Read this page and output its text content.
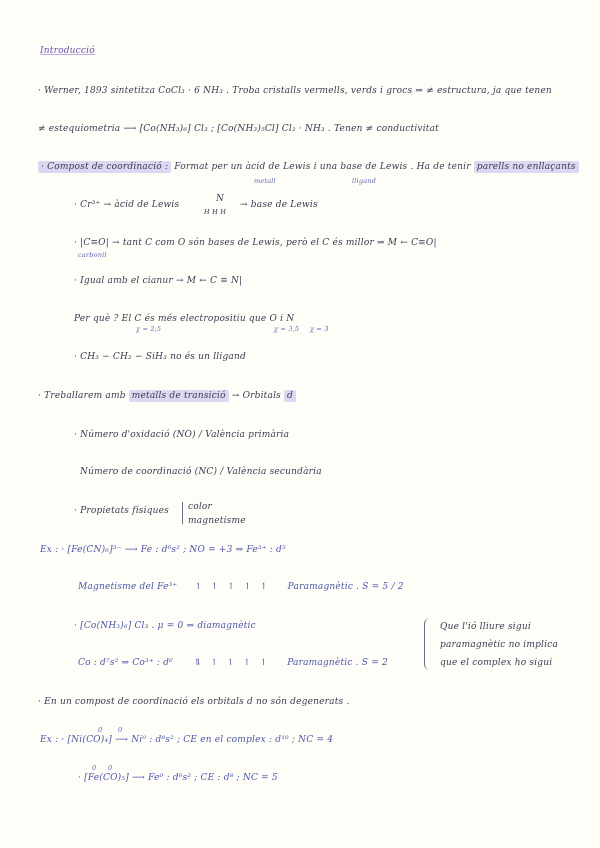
Introducció
· Werner, 1893 sintetitza CoCl₃ · 6 NH₃ . Troba cristalls vermells, verds i grocs ⇒ ≠ estructura, ja que tenen
≠ estequiometria ⟶ [Co(NH₃)₆] Cl₃ ; [Co(NH₃)₅Cl] Cl₂ · NH₃ . Tenen ≠ conductivitat
· Compost de coordinació : Format per un àcid de Lewis i una base de Lewis . Ha de tenir parells no enllaçants
metall	lligand
· Cr³⁺ → àcid de Lewis
N
H H H
→ base de Lewis
· |C≡O| → tant C com O són bases de Lewis, però el C és millor ⇒ M ← C≡O|
carbonil
· Igual amb el cianur → M ← C ≡ N|
Per què ? El C és més electropositiu que O i N
χ = 2,5	χ = 3,5 χ = 3
· CH₃ − CH₂ − SiH₃ no és un lligand
· Treballarem amb metalls de transició → Orbitals d
· Número d'oxidació (NO) / València primària
Número de coordinació (NC) / València secundària
· Propietats físiques color
magnetisme
Ex : · [Fe(CN)₆]³⁻ ⟶ Fe : d⁶s² ; NO = +3 ⇒ Fe³⁺ : d⁵
Magnetisme del Fe³⁺ ↿ ↿ ↿ ↿ ↿ Paramagnètic . S = 5 / 2
· [Co(NH₃)₆] Cl₃ . μ = 0 ⇒ diamagnètic
Co : d⁷s² ⇒ Co³⁺ : d⁶ ⥮ ↿ ↿ ↿ ↿ Paramagnètic . S = 2
Que l'ió lliure sigui
paramagnètic no implica
que el complex ho sigui
· En un compost de coordinació els orbitals d no són degenerats .
0 0
Ex : · [Ni(CO)₄] ⟶ Ni⁰ : d⁸s² ; CE en el complex : d¹⁰ ; NC = 4
0 0
· [Fe(CO)₅] ⟶ Fe⁰ : d⁶s² ; CE : d⁸ ; NC = 5
